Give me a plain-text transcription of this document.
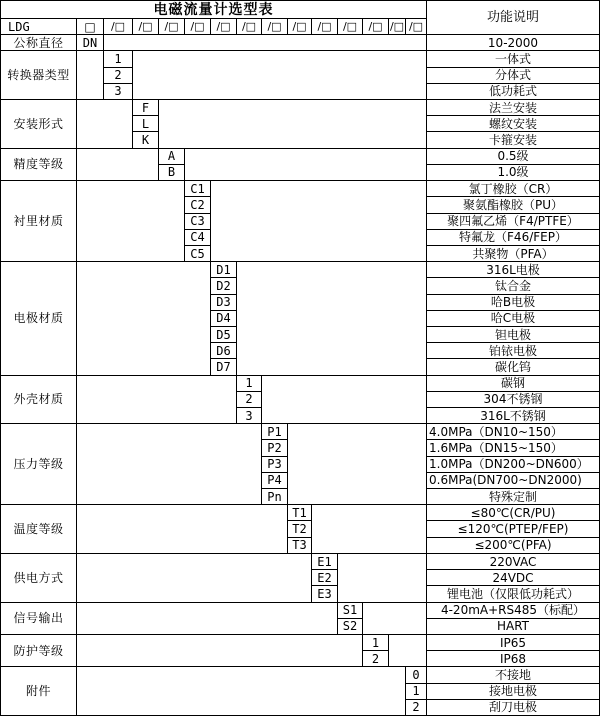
电磁流量计选型表
功能说明
LDG	□	/□	/□	/□	/□	/□	/□	/□ /□ /□	/□	/□ /□ /□
公称直径	DN	10-2000
转换器类型
1	一体式
2	分体式
3	低功耗式
安装形式
F	法兰安装
L	螺纹安装
K	卡箍安装
精度等级
A	0.5级
B	1.0级
衬里材质
C1	氯丁橡胶（CR）
C2	聚氨酯橡胶（PU）
C3	聚四氟乙烯（F4/PTFE）
C4	特氟龙（F46/FEP）
C5	共聚物（PFA）
电极材质
D1	316L电极
D2	钛合金
D3	哈B电极
D4	哈C电极
D5	钽电极
D6	铂铱电极
D7	碳化钨
外壳材质
1	碳钢
2	304不锈钢
3	316L不锈钢
压力等级
P1	4.0MPa（DN10~150）
P2	1.6MPa（DN15~150）
P3	1.0MPa（DN200~DN600）
P4	0.6MPa(DN700~DN2000)
Pn	特殊定制
温度等级
T1	≤80℃(CR/PU)
T2	≤120℃(PTEP/FEP)
T3	≤200℃(PFA)
供电方式
E1	220VAC
E2	24VDC
E3	锂电池（仅限低功耗式）
信号输出
S1	4-20mA+RS485（标配）
S2	HART
防护等级
1	IP65
2	IP68
附件
0	不接地
1	接地电极
2	刮刀电极
